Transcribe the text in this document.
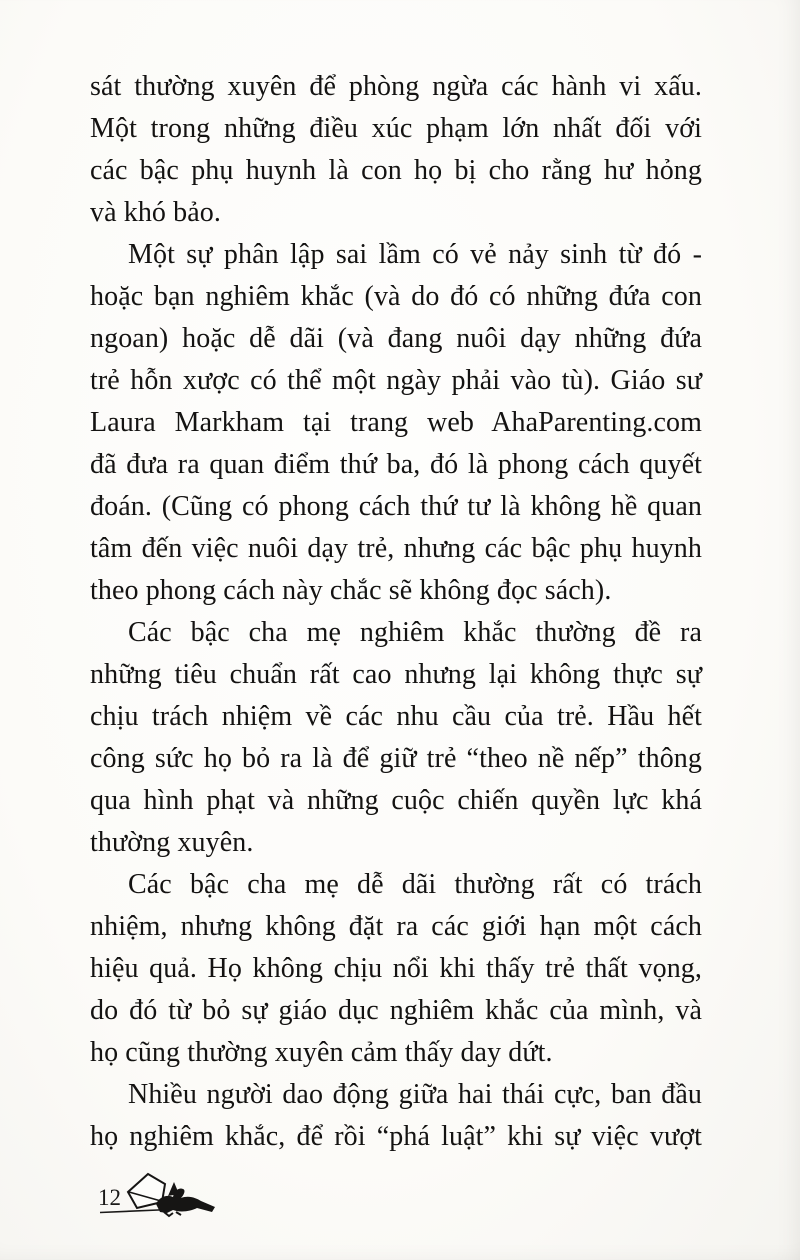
sát thường xuyên để phòng ngừa các hành vi xấu.
Một trong những điều xúc phạm lớn nhất đối với
các bậc phụ huynh là con họ bị cho rằng hư hỏng
và khó bảo.
Một sự phân lập sai lầm có vẻ nảy sinh từ đó -
hoặc bạn nghiêm khắc (và do đó có những đứa con
ngoan) hoặc dễ dãi (và đang nuôi dạy những đứa
trẻ hỗn xược có thể một ngày phải vào tù). Giáo sư
Laura Markham tại trang web AhaParenting.com
đã đưa ra quan điểm thứ ba, đó là phong cách quyết
đoán. (Cũng có phong cách thứ tư là không hề quan
tâm đến việc nuôi dạy trẻ, nhưng các bậc phụ huynh
theo phong cách này chắc sẽ không đọc sách).
Các bậc cha mẹ nghiêm khắc thường đề ra
những tiêu chuẩn rất cao nhưng lại không thực sự
chịu trách nhiệm về các nhu cầu của trẻ. Hầu hết
công sức họ bỏ ra là để giữ trẻ “theo nề nếp” thông
qua hình phạt và những cuộc chiến quyền lực khá
thường xuyên.
Các bậc cha mẹ dễ dãi thường rất có trách
nhiệm, nhưng không đặt ra các giới hạn một cách
hiệu quả. Họ không chịu nổi khi thấy trẻ thất vọng,
do đó từ bỏ sự giáo dục nghiêm khắc của mình, và
họ cũng thường xuyên cảm thấy day dứt.
Nhiều người dao động giữa hai thái cực, ban đầu
họ nghiêm khắc, để rồi “phá luật” khi sự việc vượt
12
